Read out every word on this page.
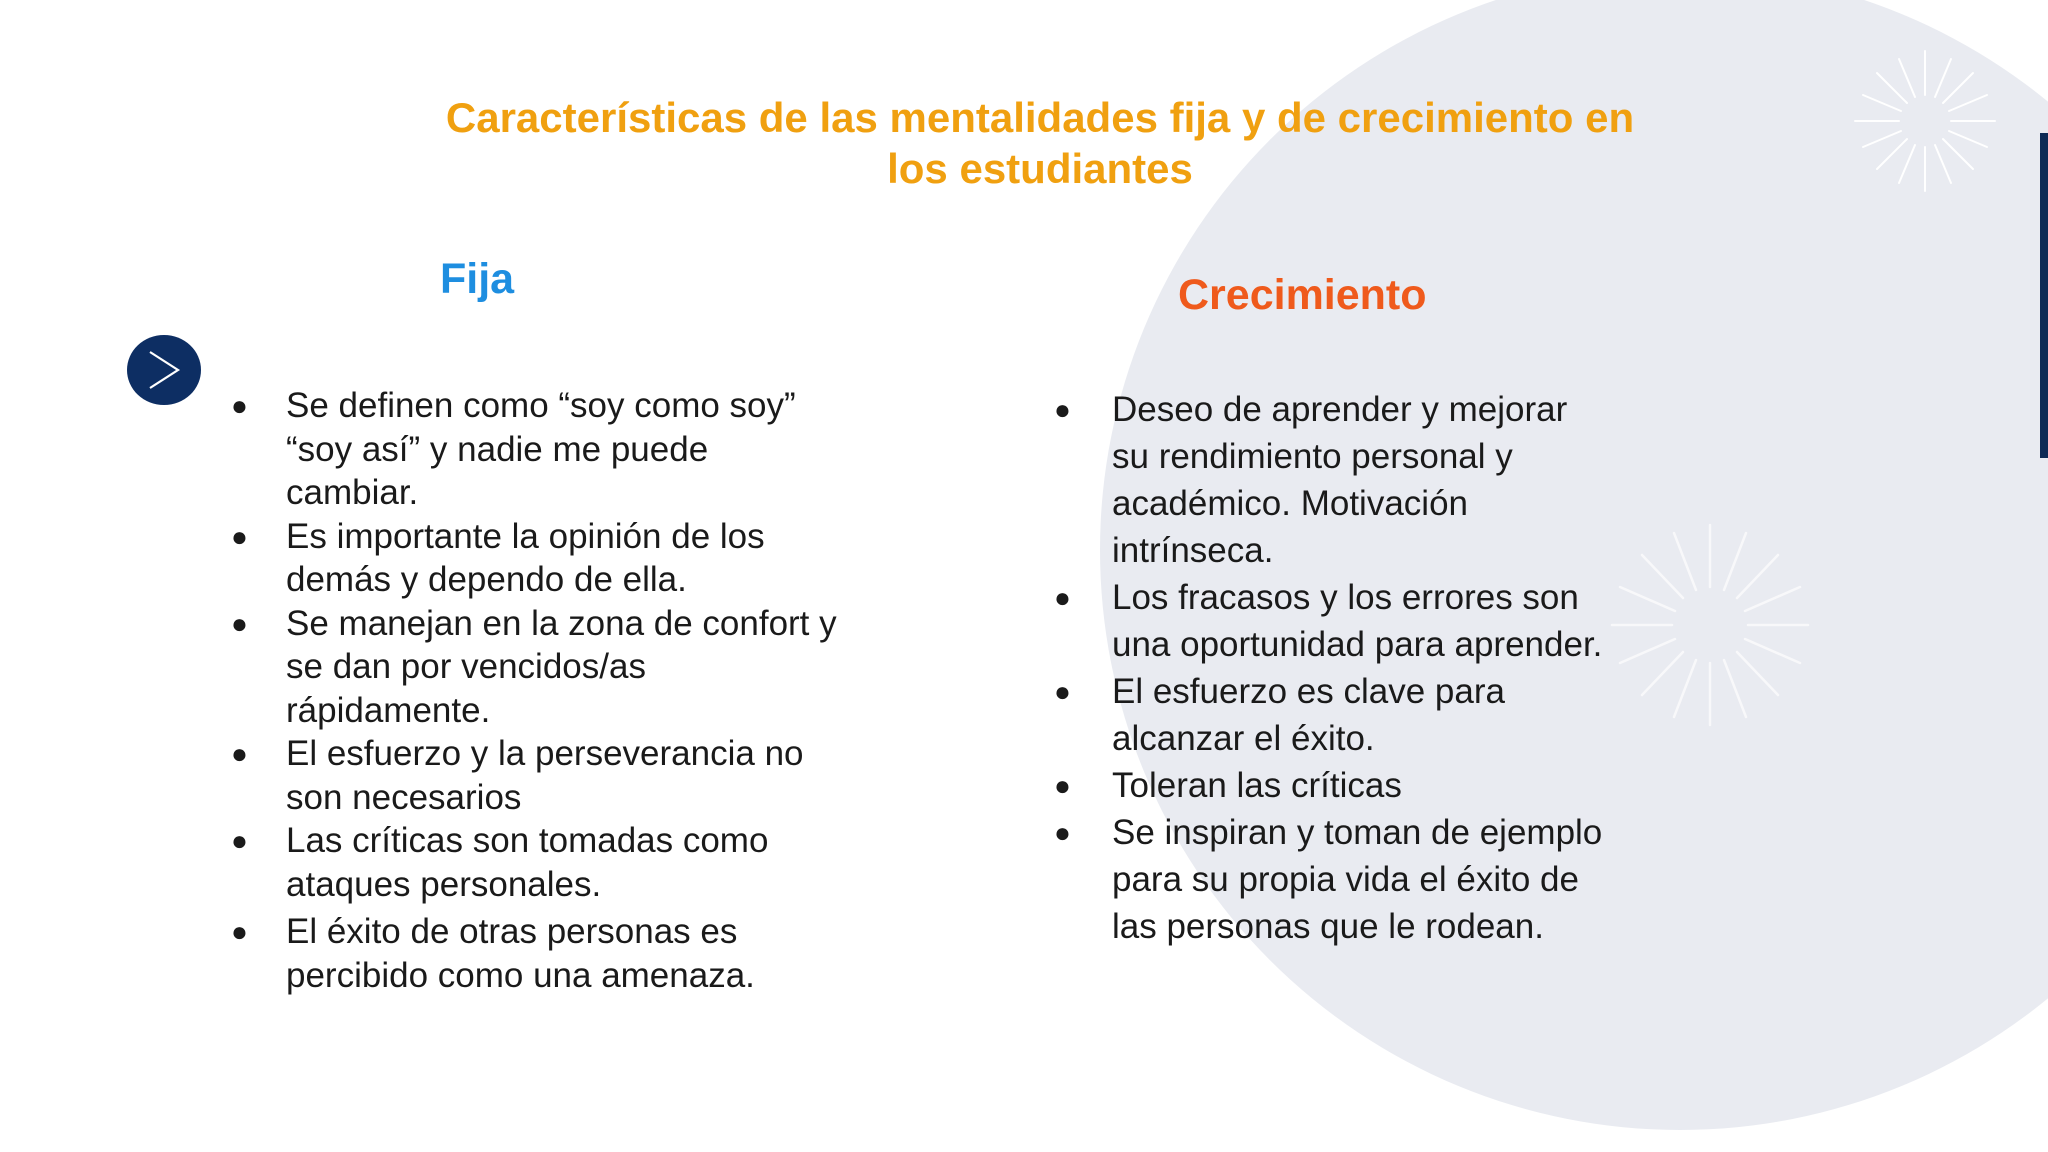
Características de las mentalidades fija y de crecimiento en los estudiantes
Fija	Crecimiento
● Se definen como “soy como soy” “soy así” y nadie me puede cambiar.
● Es importante la opinión de los demás y dependo de ella.
● Se manejan en la zona de confort y se dan por vencidos/as rápidamente.
● El esfuerzo y la perseverancia no son necesarios
● Las críticas son tomadas como ataques personales.
● El éxito de otras personas es percibido como una amenaza.
● Deseo de aprender y mejorar su rendimiento personal y académico. Motivación intrínseca.
● Los fracasos y los errores son una oportunidad para aprender.
● El esfuerzo es clave para alcanzar el éxito.
● Toleran las críticas
● Se inspiran y toman de ejemplo para su propia vida el éxito de las personas que le rodean.
